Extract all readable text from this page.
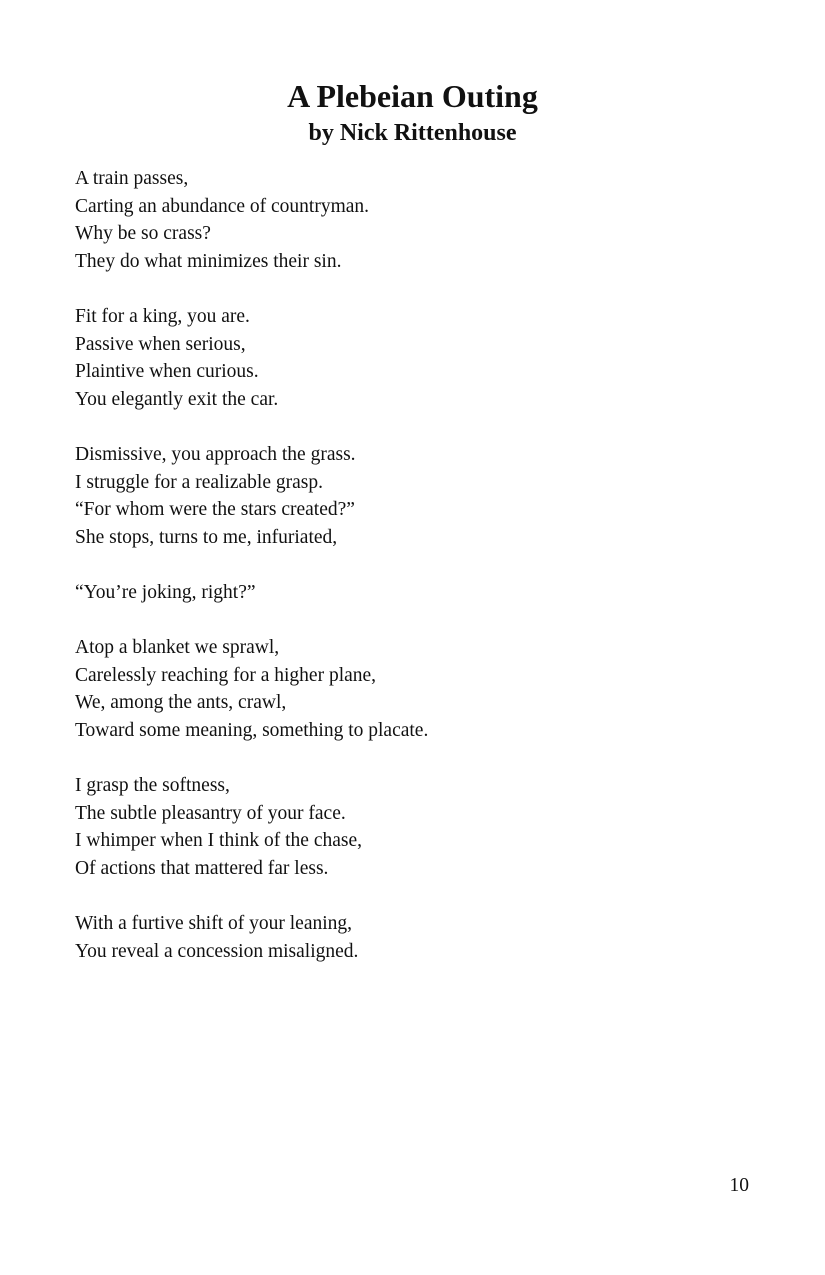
A Plebeian Outing
by Nick Rittenhouse
A train passes,
Carting an abundance of countryman.
Why be so crass?
They do what minimizes their sin.
Fit for a king, you are.
Passive when serious,
Plaintive when curious.
You elegantly exit the car.
Dismissive, you approach the grass.
I struggle for a realizable grasp.
“For whom were the stars created?”
She stops, turns to me, infuriated,
“You’re joking, right?”
Atop a blanket we sprawl,
Carelessly reaching for a higher plane,
We, among the ants, crawl,
Toward some meaning, something to placate.
I grasp the softness,
The subtle pleasantry of your face.
I whimper when I think of the chase,
Of actions that mattered far less.
With a furtive shift of your leaning,
You reveal a concession misaligned.
10
